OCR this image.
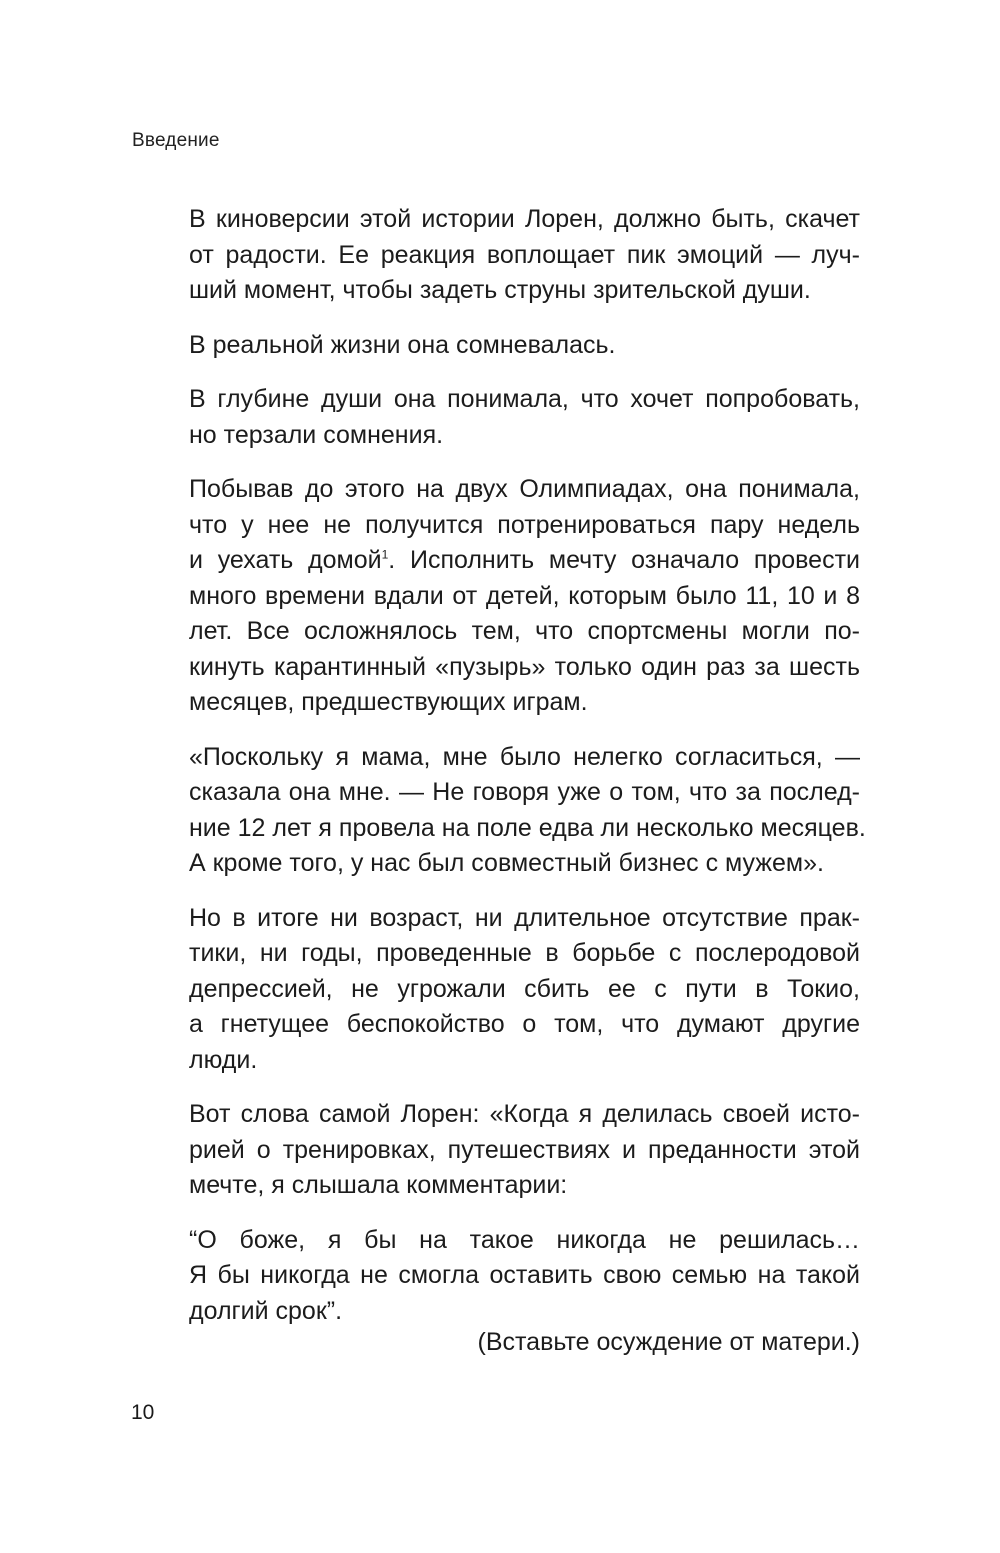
Введение
В киноверсии этой истории Лорен, должно быть, скачет
от радости. Ее реакция воплощает пик эмоций — луч-
ший момент, чтобы задеть струны зрительской души.
В реальной жизни она сомневалась.
В глубине души она понимала, что хочет попробовать,
но терзали сомнения.
Побывав до этого на двух Олимпиадах, она понимала,
что у нее не получится потренироваться пару недель
и уехать домой$^1$. Исполнить мечту означало провести
много времени вдали от детей, которым было 11, 10 и 8
лет. Все осложнялось тем, что спортсмены могли по-
кинуть карантинный «пузырь» только один раз за шесть
месяцев, предшествующих играм.
«Поскольку я мама, мне было нелегко согласиться, —
сказала она мне. — Не говоря уже о том, что за послед-
ние 12 лет я провела на поле едва ли несколько месяцев.
А кроме того, у нас был совместный бизнес с мужем».
Но в итоге ни возраст, ни длительное отсутствие прак-
тики, ни годы, проведенные в борьбе с послеродовой
депрессией, не угрожали сбить ее с пути в Токио,
а гнетущее беспокойство о том, что думают другие
люди.
Вот слова самой Лорен: «Когда я делилась своей исто-
рией о тренировках, путешествиях и преданности этой
мечте, я слышала комментарии:
“О боже, я бы на такое никогда не решилась…
Я бы никогда не смогла оставить свою семью на такой
долгий срок”.
(Вставьте осуждение от матери.)
10
